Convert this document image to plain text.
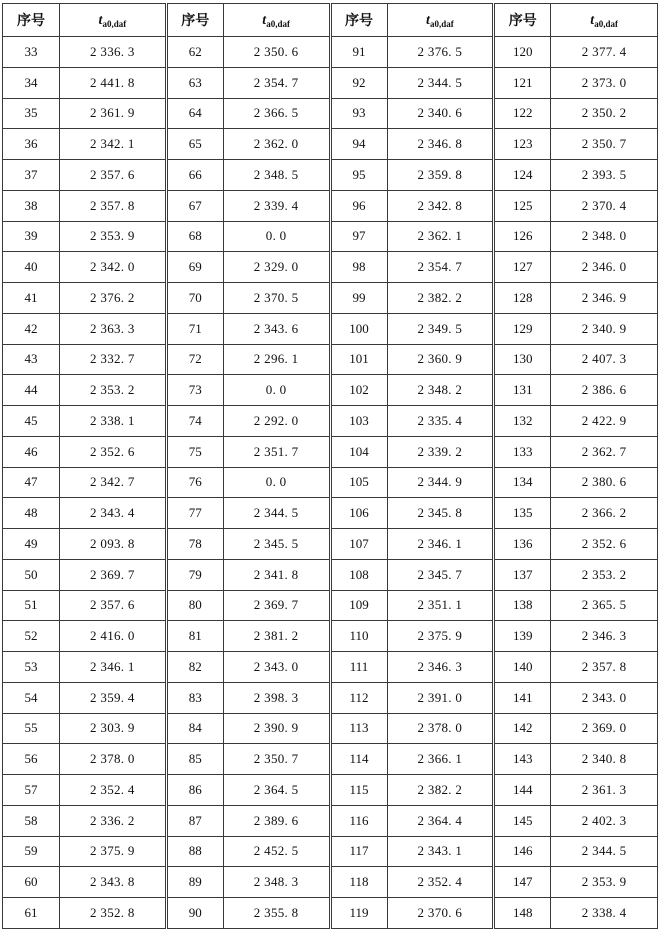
序号	$t_{a0,daf}$	序号	$t_{a0,daf}$	序号	$t_{a0,daf}$	序号	$t_{a0,daf}$
33	2 336. 3	62	2 350. 6	91	2 376. 5	120	2 377. 4
34	2 441. 8	63	2 354. 7	92	2 344. 5	121	2 373. 0
35	2 361. 9	64	2 366. 5	93	2 340. 6	122	2 350. 2
36	2 342. 1	65	2 362. 0	94	2 346. 8	123	2 350. 7
37	2 357. 6	66	2 348. 5	95	2 359. 8	124	2 393. 5
38	2 357. 8	67	2 339. 4	96	2 342. 8	125	2 370. 4
39	2 353. 9	68	0. 0	97	2 362. 1	126	2 348. 0
40	2 342. 0	69	2 329. 0	98	2 354. 7	127	2 346. 0
41	2 376. 2	70	2 370. 5	99	2 382. 2	128	2 346. 9
42	2 363. 3	71	2 343. 6	100	2 349. 5	129	2 340. 9
43	2 332. 7	72	2 296. 1	101	2 360. 9	130	2 407. 3
44	2 353. 2	73	0. 0	102	2 348. 2	131	2 386. 6
45	2 338. 1	74	2 292. 0	103	2 335. 4	132	2 422. 9
46	2 352. 6	75	2 351. 7	104	2 339. 2	133	2 362. 7
47	2 342. 7	76	0. 0	105	2 344. 9	134	2 380. 6
48	2 343. 4	77	2 344. 5	106	2 345. 8	135	2 366. 2
49	2 093. 8	78	2 345. 5	107	2 346. 1	136	2 352. 6
50	2 369. 7	79	2 341. 8	108	2 345. 7	137	2 353. 2
51	2 357. 6	80	2 369. 7	109	2 351. 1	138	2 365. 5
52	2 416. 0	81	2 381. 2	110	2 375. 9	139	2 346. 3
53	2 346. 1	82	2 343. 0	111	2 346. 3	140	2 357. 8
54	2 359. 4	83	2 398. 3	112	2 391. 0	141	2 343. 0
55	2 303. 9	84	2 390. 9	113	2 378. 0	142	2 369. 0
56	2 378. 0	85	2 350. 7	114	2 366. 1	143	2 340. 8
57	2 352. 4	86	2 364. 5	115	2 382. 2	144	2 361. 3
58	2 336. 2	87	2 389. 6	116	2 364. 4	145	2 402. 3
59	2 375. 9	88	2 452. 5	117	2 343. 1	146	2 344. 5
60	2 343. 8	89	2 348. 3	118	2 352. 4	147	2 353. 9
61	2 352. 8	90	2 355. 8	119	2 370. 6	148	2 338. 4
